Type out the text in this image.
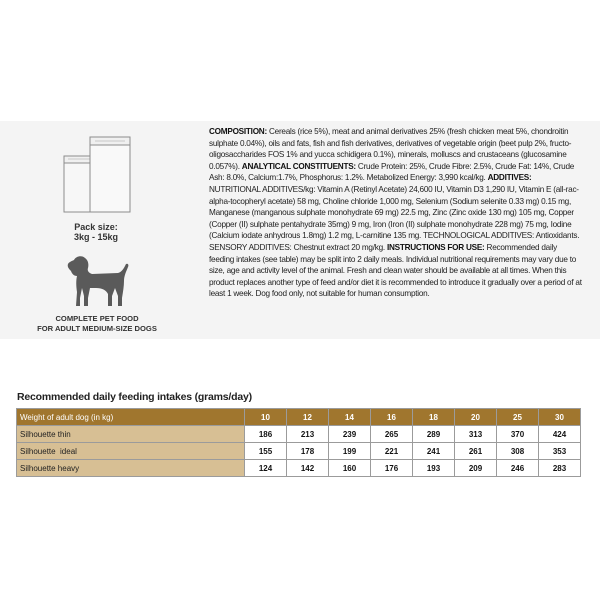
Pack size:
3kg - 15kg
COMPLETE PET FOOD
FOR ADULT MEDIUM-SIZE DOGS
COMPOSITION: Cereals (rice 5%), meat and animal derivatives 25% (fresh chicken meat 5%, chondroitin sulphate 0.04%), oils and fats, fish and fish derivatives, derivatives of vegetable origin (beet pulp 2%, fructo-oligosaccharides FOS 1% and yucca schidigera 0.1%), minerals, molluscs and crustaceans (glucosamine 0.057%). ANALYTICAL CONSTITUENTS: Crude Protein: 25%, Crude Fibre: 2.5%, Crude Fat: 14%, Crude Ash: 8.0%, Calcium:1.7%, Phosphorus: 1.2%. Metabolized Energy: 3,990 kcal/kg. ADDITIVES: NUTRITIONAL ADDITIVES/kg: Vitamin A (Retinyl Acetate) 24,600 IU, Vitamin D3 1,290 IU, Vitamin E (all-rac-alpha-tocopheryl acetate) 58 mg, Choline chloride 1,000 mg, Selenium (Sodium selenite 0.33 mg) 0.15 mg, Manganese (manganous sulphate monohydrate 69 mg) 22.5 mg, Zinc (Zinc oxide 130 mg) 105 mg, Copper (Copper (II) sulphate pentahydrate 35mg) 9 mg, Iron (Iron (II) sulphate monohydrate 228 mg) 75 mg, Iodine (Calcium iodate anhydrous 1.8mg) 1.2 mg, L-carnitine 135 mg. TECHNOLOGICAL ADDITIVES: Antioxidants. SENSORY ADDITIVES: Chestnut extract 20 mg/kg. INSTRUCTIONS FOR USE: Recommended daily feeding intakes (see table) may be split into 2 daily meals. Individual nutritional requirements may vary due to size, age and activity level of the animal. Fresh and clean water should be available at all times. When this product replaces another type of feed and/or diet it is recommended to introduce it gradually over a period of at least 1 week. Dog food only, not suitable for human consumption.
Recommended daily feeding intakes (grams/day)
Weight of adult dog (in kg)	10	12	14	16	18	20	25	30
Silhouette thin	186	213	239	265	289	313	370	424
Silhouette  ideal	155	178	199	221	241	261	308	353
Silhouette heavy	124	142	160	176	193	209	246	283
